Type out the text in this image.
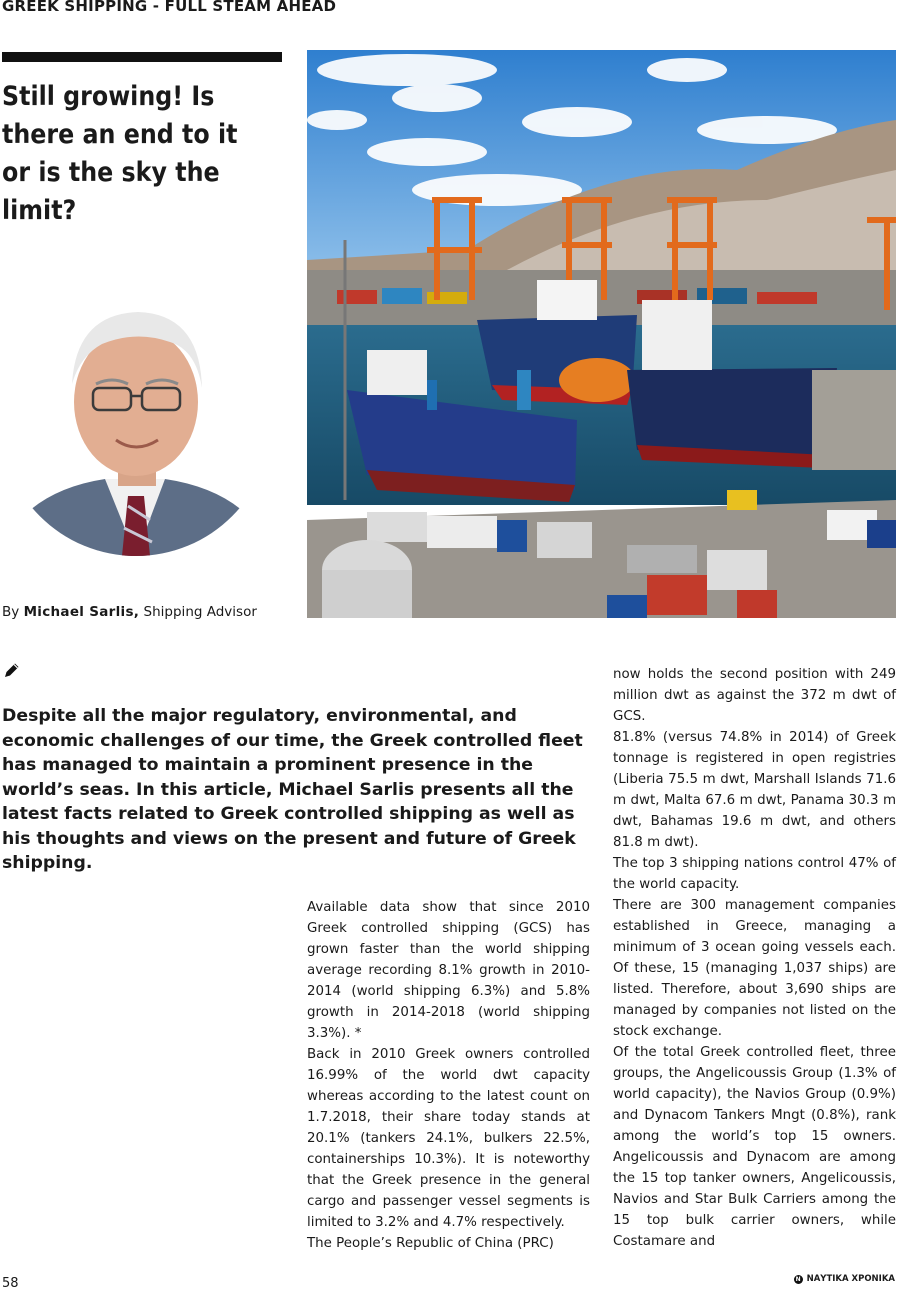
GREEK SHIPPING - FULL STEAM AHEAD
Still growing! Is there an end to it or is the sky the limit?
By Michael Sarlis, Shipping Advisor

Despite all the major regulatory, environmental, and economic challenges of our time, the Greek controlled fleet has managed to maintain a prominent presence in the world’s seas. In this article, Michael Sarlis presents all the latest facts related to Greek controlled shipping as well as his thoughts and views on the present and future of Greek shipping.

Available data show that since 2010 Greek controlled shipping (GCS) has grown faster than the world shipping average recording 8.1% growth in 2010-2014 (world shipping 6.3%) and 5.8% growth in 2014-2018 (world shipping 3.3%). *

Back in 2010 Greek owners controlled 16.99% of the world dwt capacity whereas according to the latest count on 1.7.2018, their share today stands at 20.1% (tankers 24.1%, bulkers 22.5%, containerships 10.3%). It is noteworthy that the Greek presence in the general cargo and passenger vessel segments is limited to 3.2% and 4.7% respectively.

The People’s Republic of China (PRC)

now holds the second position with 249 million dwt as against the 372 m dwt of GCS.

81.8% (versus 74.8% in 2014) of Greek tonnage is registered in open registries (Liberia 75.5 m dwt, Marshall Islands 71.6 m dwt, Malta 67.6 m dwt, Panama 30.3 m dwt, Bahamas 19.6 m dwt, and others 81.8 m dwt).

The top 3 shipping nations control 47% of the world capacity.

There are 300 management companies established in Greece, managing a minimum of 3 ocean going vessels each. Of these, 15 (managing 1,037 ships) are listed. Therefore, about 3,690 ships are managed by companies not listed on the stock exchange.

Of the total Greek controlled fleet, three groups, the Angelicoussis Group (1.3% of world capacity), the Navios Group (0.9%) and Dynacom Tankers Mngt (0.8%), rank among the world’s top 15 owners. Angelicoussis and Dynacom are among the 15 top tanker owners, Angelicoussis, Navios and Star Bulk Carriers among the 15 top bulk carrier owners, while Costamare and

58	Ν ΝΑΥΤΙΚΑ ΧΡΟΝΙΚΑ
